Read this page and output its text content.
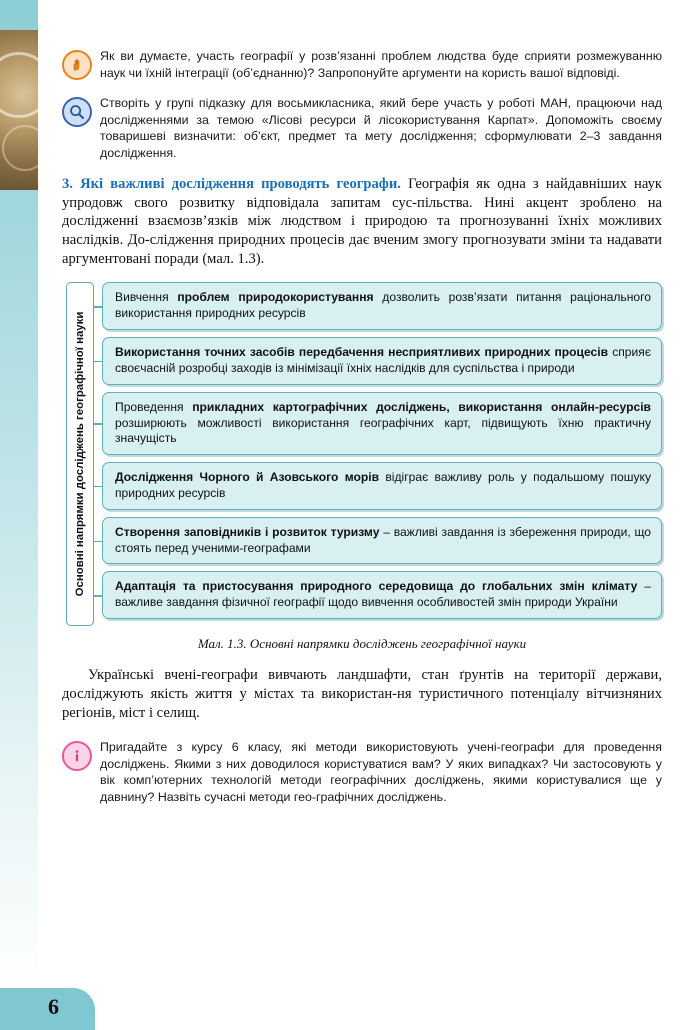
Як ви думаєте, участь географії у розв’язанні проблем людства буде сприяти розмежуванню наук чи їхній інтеграції (об’єднанню)? Запропонуйте аргументи на користь вашої відповіді.

Створіть у групі підказку для восьмикласника, який бере участь у роботі МАН, працюючи над дослідженнями за темою «Лісові ресурси й лісокористування Карпат». Допоможіть своєму товаришеві визначити: об’єкт, предмет та мету дослідження; сформулювати 2–3 завдання дослідження.

3. Які важливі дослідження проводять географи. Географія як одна з найдавніших наук упродовж свого розвитку відповідала запитам сус-пільства. Нині акцент зроблено на дослідженні взаємозв’язків між людством і природою та прогнозуванні їхніх можливих наслідків. До-слідження природних процесів дає вченим змогу прогнозувати зміни та надавати аргументовані поради (мал. 1.3).

Основні напрямки досліджень географічної науки
Вивчення проблем природокористування дозволить розв’язати питання раціонального використання природних ресурсів
Використання точних засобів передбачення несприятливих природних процесів сприяє своєчасній розробці заходів із мінімізації їхніх наслідків для суспільства і природи
Проведення прикладних картографічних досліджень, використання онлайн-ресурсів розширюють можливості використання географічних карт, підвищують їхню практичну значущість
Дослідження Чорного й Азовського морів відіграє важливу роль у подальшому пошуку природних ресурсів
Створення заповідників і розвиток туризму – важливі завдання із збереження природи, що стоять перед ученими-географами
Адаптація та пристосування природного середовища до глобальних змін клімату – важливе завдання фізичної географії щодо вивчення особливостей змін природи України
Мал. 1.3. Основні напрямки досліджень географічної науки

Українські вчені-географи вивчають ландшафти, стан ґрунтів на території держави, досліджують якість життя у містах та використан-ня туристичного потенціалу вітчизняних регіонів, міст і селищ.

Пригадайте з курсу 6 класу, які методи використовують учені-географи для проведення досліджень. Якими з них доводилося користуватися вам? У яких випадках? Чи застосовують у вік комп’ютерних технологій методи географічних досліджень, якими користувалися ще у давнину? Назвіть сучасні методи гео-графічних досліджень.

6
